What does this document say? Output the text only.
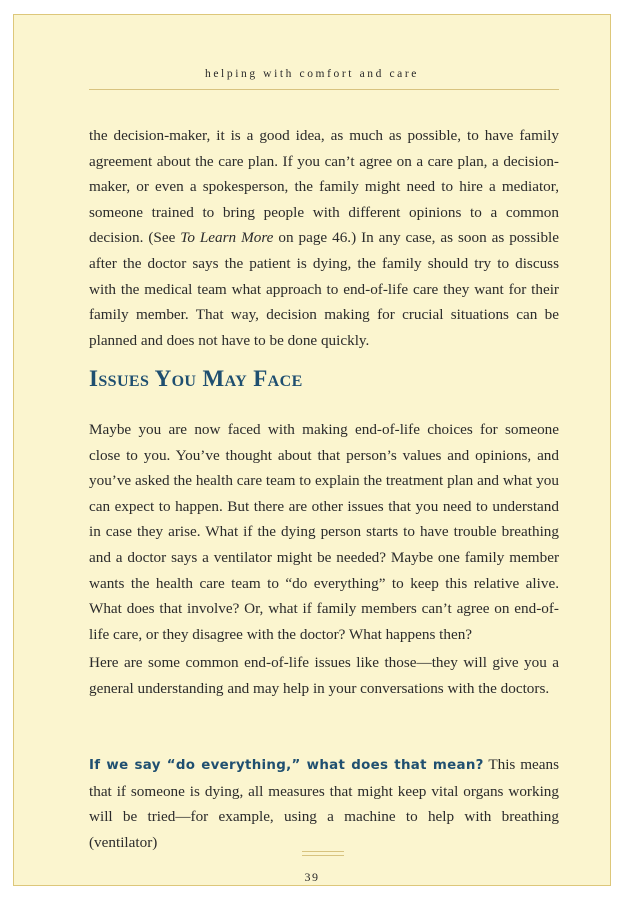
helping with comfort and care

the decision-maker, it is a good idea, as much as possible, to have family agreement about the care plan. If you can’t agree on a care plan, a decision-maker, or even a spokesperson, the family might need to hire a mediator, someone trained to bring people with different opinions to a common decision. (See To Learn More on page 46.) In any case, as soon as possible after the doctor says the patient is dying, the family should try to discuss with the medical team what approach to end-of-life care they want for their family member. That way, decision making for crucial situations can be planned and does not have to be done quickly.

Issues You May Face

Maybe you are now faced with making end-of-life choices for someone close to you. You’ve thought about that person’s values and opinions, and you’ve asked the health care team to explain the treatment plan and what you can expect to happen. But there are other issues that you need to understand in case they arise. What if the dying person starts to have trouble breathing and a doctor says a ventilator might be needed? Maybe one family member wants the health care team to “do everything” to keep this relative alive. What does that involve? Or, what if family members can’t agree on end-of-life care, or they disagree with the doctor? What happens then?

Here are some common end-of-life issues like those—they will give you a general understanding and may help in your conversations with the doctors.

If we say “do everything,” what does that mean? This means that if someone is dying, all measures that might keep vital organs working will be tried—for example, using a machine to help with breathing (ventilator)

39
